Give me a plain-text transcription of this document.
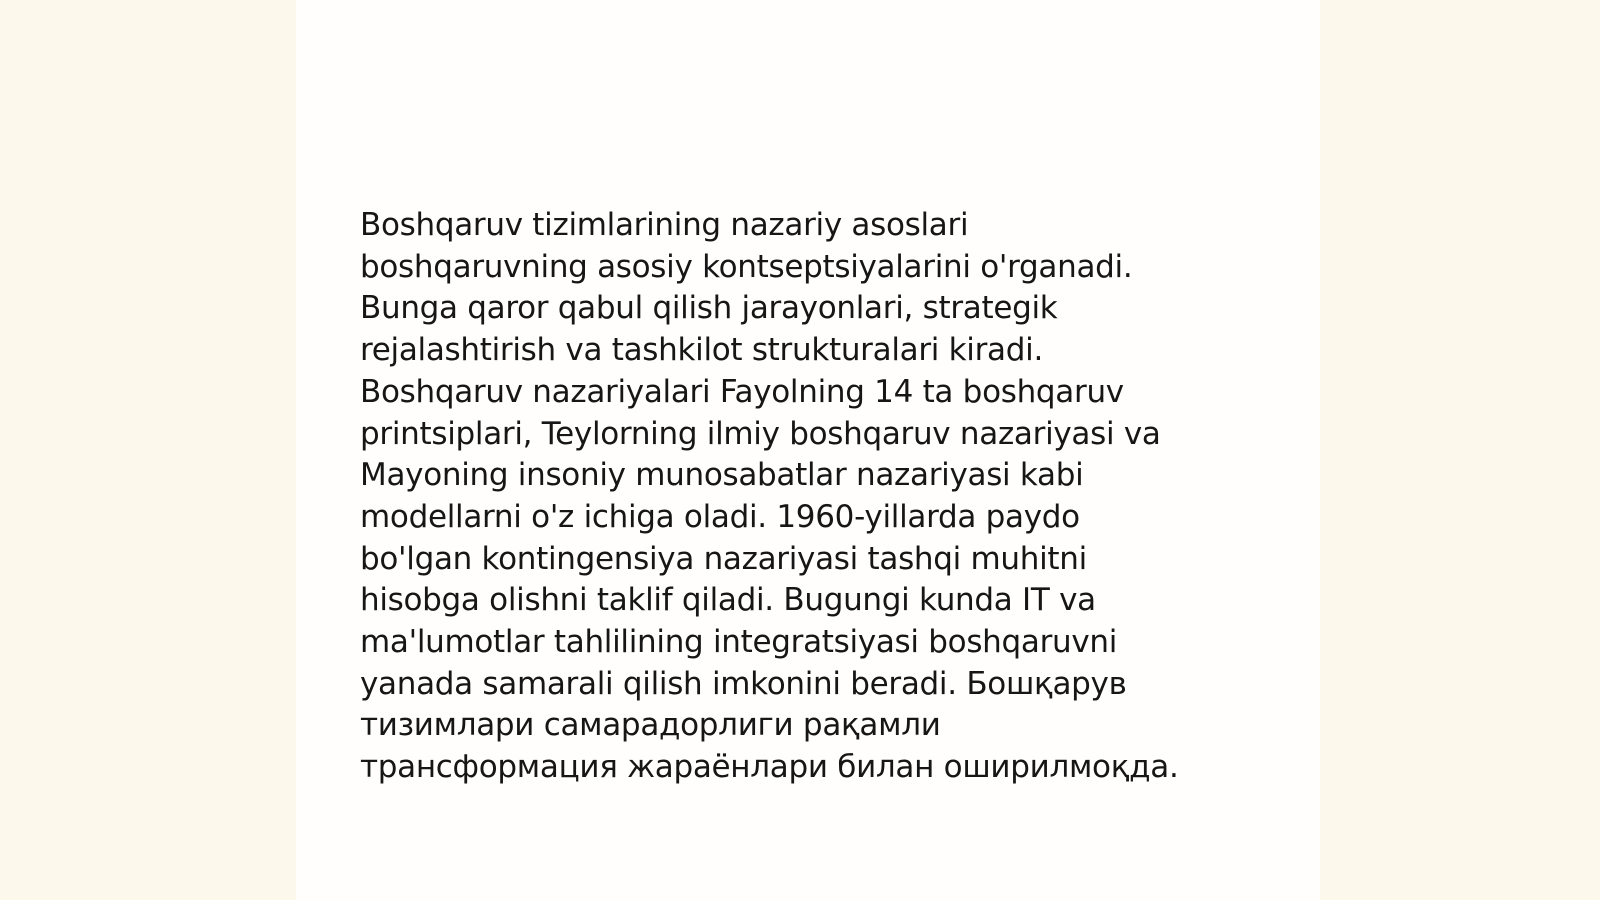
Boshqaruv tizimlarining nazariy asoslari
boshqaruvning asosiy kontseptsiyalarini o'rganadi.
Bunga qaror qabul qilish jarayonlari, strategik
rejalashtirish va tashkilot strukturalari kiradi.
Boshqaruv nazariyalari Fayolning 14 ta boshqaruv
printsiplari, Teylorning ilmiy boshqaruv nazariyasi va
Mayoning insoniy munosabatlar nazariyasi kabi
modellarni o'z ichiga oladi. 1960-yillarda paydo
bo'lgan kontingensiya nazariyasi tashqi muhitni
hisobga olishni taklif qiladi. Bugungi kunda IT va
ma'lumotlar tahlilining integratsiyasi boshqaruvni
yanada samarali qilish imkonini beradi. Бошқарув
тизимлари самарадорлиги рақамли
трансформация жараёнлари билан оширилмоқда.
